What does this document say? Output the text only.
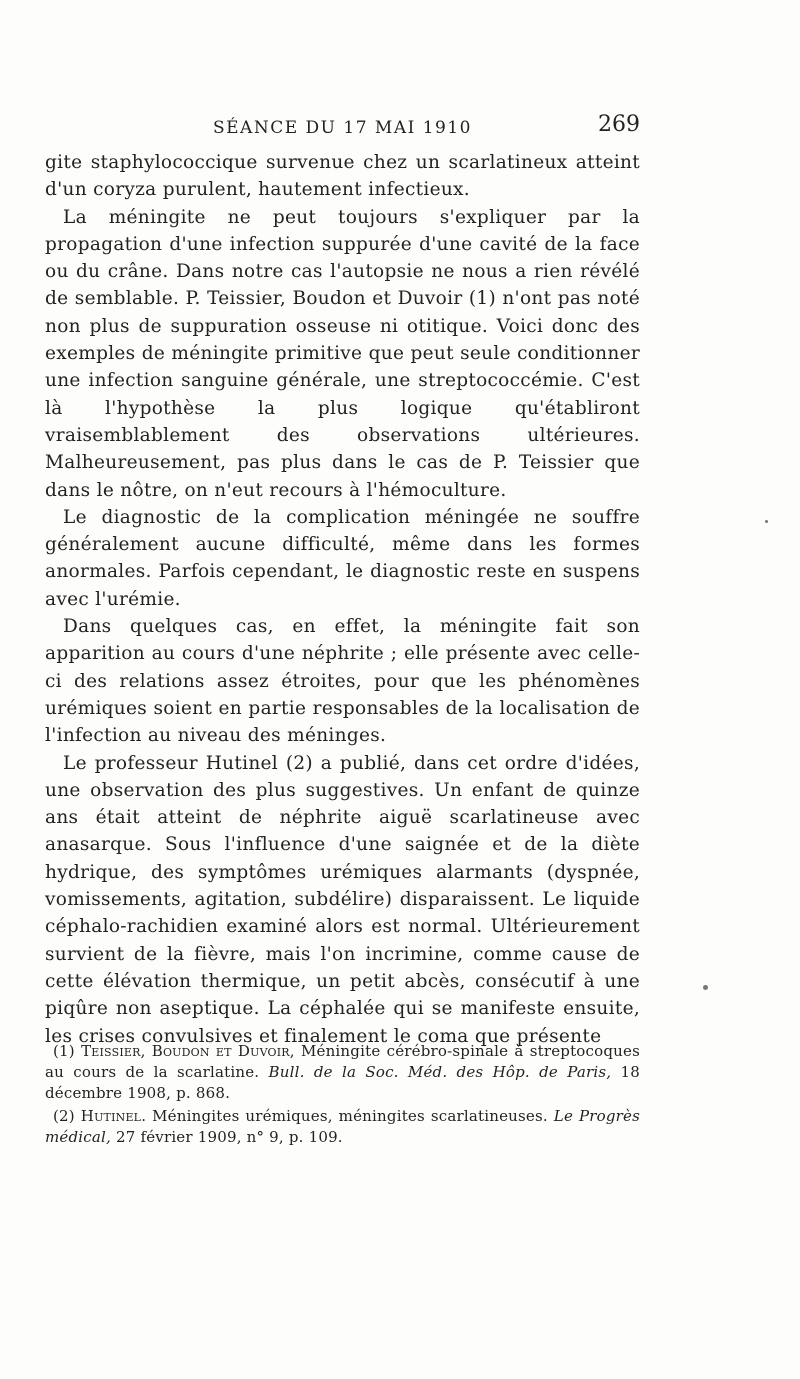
SÉANCE DU 17 MAI 1910	269

gite staphylococcique survenue chez un scarlatineux atteint d'un coryza purulent, hautement infectieux.

La méningite ne peut toujours s'expliquer par la propagation d'une infection suppurée d'une cavité de la face ou du crâne. Dans notre cas l'autopsie ne nous a rien révélé de semblable. P. Teissier, Boudon et Duvoir (1) n'ont pas noté non plus de suppuration osseuse ni otitique. Voici donc des exemples de méningite primitive que peut seule conditionner une infection sanguine générale, une streptococcémie. C'est là l'hypothèse la plus logique qu'établiront vraisemblablement des observations ultérieures. Malheureusement, pas plus dans le cas de P. Teissier que dans le nôtre, on n'eut recours à l'hémoculture.

Le diagnostic de la complication méningée ne souffre généralement aucune difficulté, même dans les formes anormales. Parfois cependant, le diagnostic reste en suspens avec l'urémie.

Dans quelques cas, en effet, la méningite fait son apparition au cours d'une néphrite ; elle présente avec celle-ci des relations assez étroites, pour que les phénomènes urémiques soient en partie responsables de la localisation de l'infection au niveau des méninges.

Le professeur Hutinel (2) a publié, dans cet ordre d'idées, une observation des plus suggestives. Un enfant de quinze ans était atteint de néphrite aiguë scarlatineuse avec anasarque. Sous l'influence d'une saignée et de la diète hydrique, des symptômes urémiques alarmants (dyspnée, vomissements, agitation, subdélire) disparaissent. Le liquide céphalo-rachidien examiné alors est normal. Ultérieurement survient de la fièvre, mais l'on incrimine, comme cause de cette élévation thermique, un petit abcès, consécutif à une piqûre non aseptique. La céphalée qui se manifeste ensuite, les crises convulsives et finalement le coma que présente

(1) Teissier, Boudon et Duvoir, Méningite cérébro-spinale à streptocoques au cours de la scarlatine. Bull. de la Soc. Méd. des Hôp. de Paris, 18 décembre 1908, p. 868.

(2) Hutinel. Méningites urémiques, méningites scarlatineuses. Le Progrès médical, 27 février 1909, n° 9, p. 109.
